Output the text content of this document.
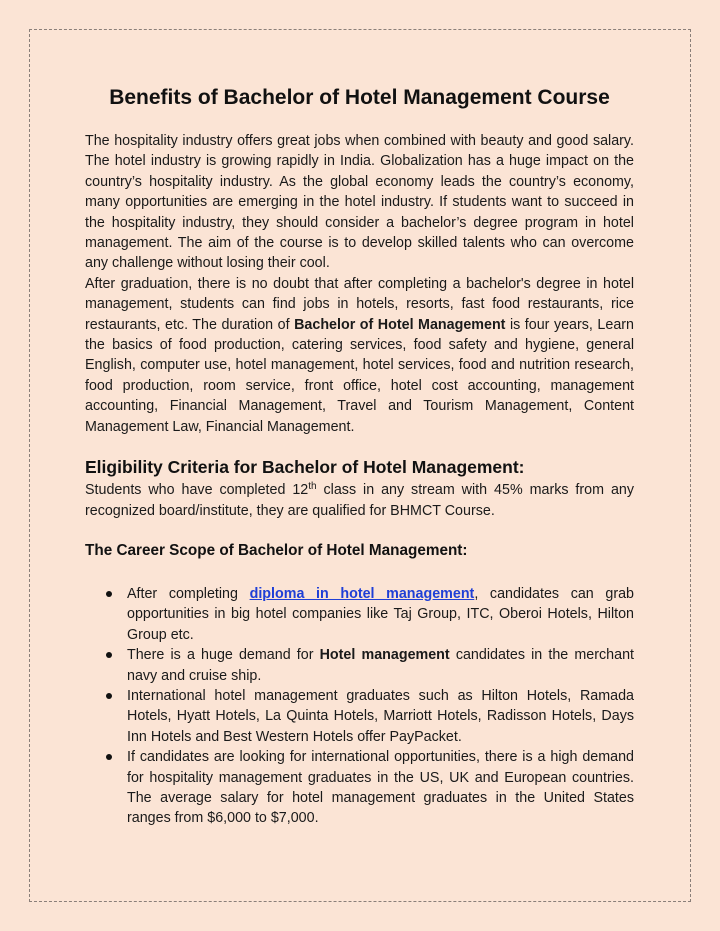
Benefits of Bachelor of Hotel Management Course

The hospitality industry offers great jobs when combined with beauty and good salary. The hotel industry is growing rapidly in India. Globalization has a huge impact on the country’s hospitality industry. As the global economy leads the country’s economy, many opportunities are emerging in the hotel industry. If students want to succeed in the hospitality industry, they should consider a bachelor’s degree program in hotel management. The aim of the course is to develop skilled talents who can overcome any challenge without losing their cool.

After graduation, there is no doubt that after completing a bachelor's degree in hotel management, students can find jobs in hotels, resorts, fast food restaurants, rice restaurants, etc. The duration of Bachelor of Hotel Management is four years, Learn the basics of food production, catering services, food safety and hygiene, general English, computer use, hotel management, hotel services, food and nutrition research, food production, room service, front office, hotel cost accounting, management accounting, Financial Management, Travel and Tourism Management, Content Management Law, Financial Management.

Eligibility Criteria for Bachelor of Hotel Management:

Students who have completed 12th class in any stream with 45% marks from any recognized board/institute, they are qualified for BHMCT Course.

The Career Scope of Bachelor of Hotel Management:
After completing diploma in hotel management, candidates can grab opportunities in big hotel companies like Taj Group, ITC, Oberoi Hotels, Hilton Group etc.
There is a huge demand for Hotel management candidates in the merchant navy and cruise ship.
International hotel management graduates such as Hilton Hotels, Ramada Hotels, Hyatt Hotels, La Quinta Hotels, Marriott Hotels, Radisson Hotels, Days Inn Hotels and Best Western Hotels offer PayPacket.
If candidates are looking for international opportunities, there is a high demand for hospitality management graduates in the US, UK and European countries. The average salary for hotel management graduates in the United States ranges from $6,000 to $7,000.
